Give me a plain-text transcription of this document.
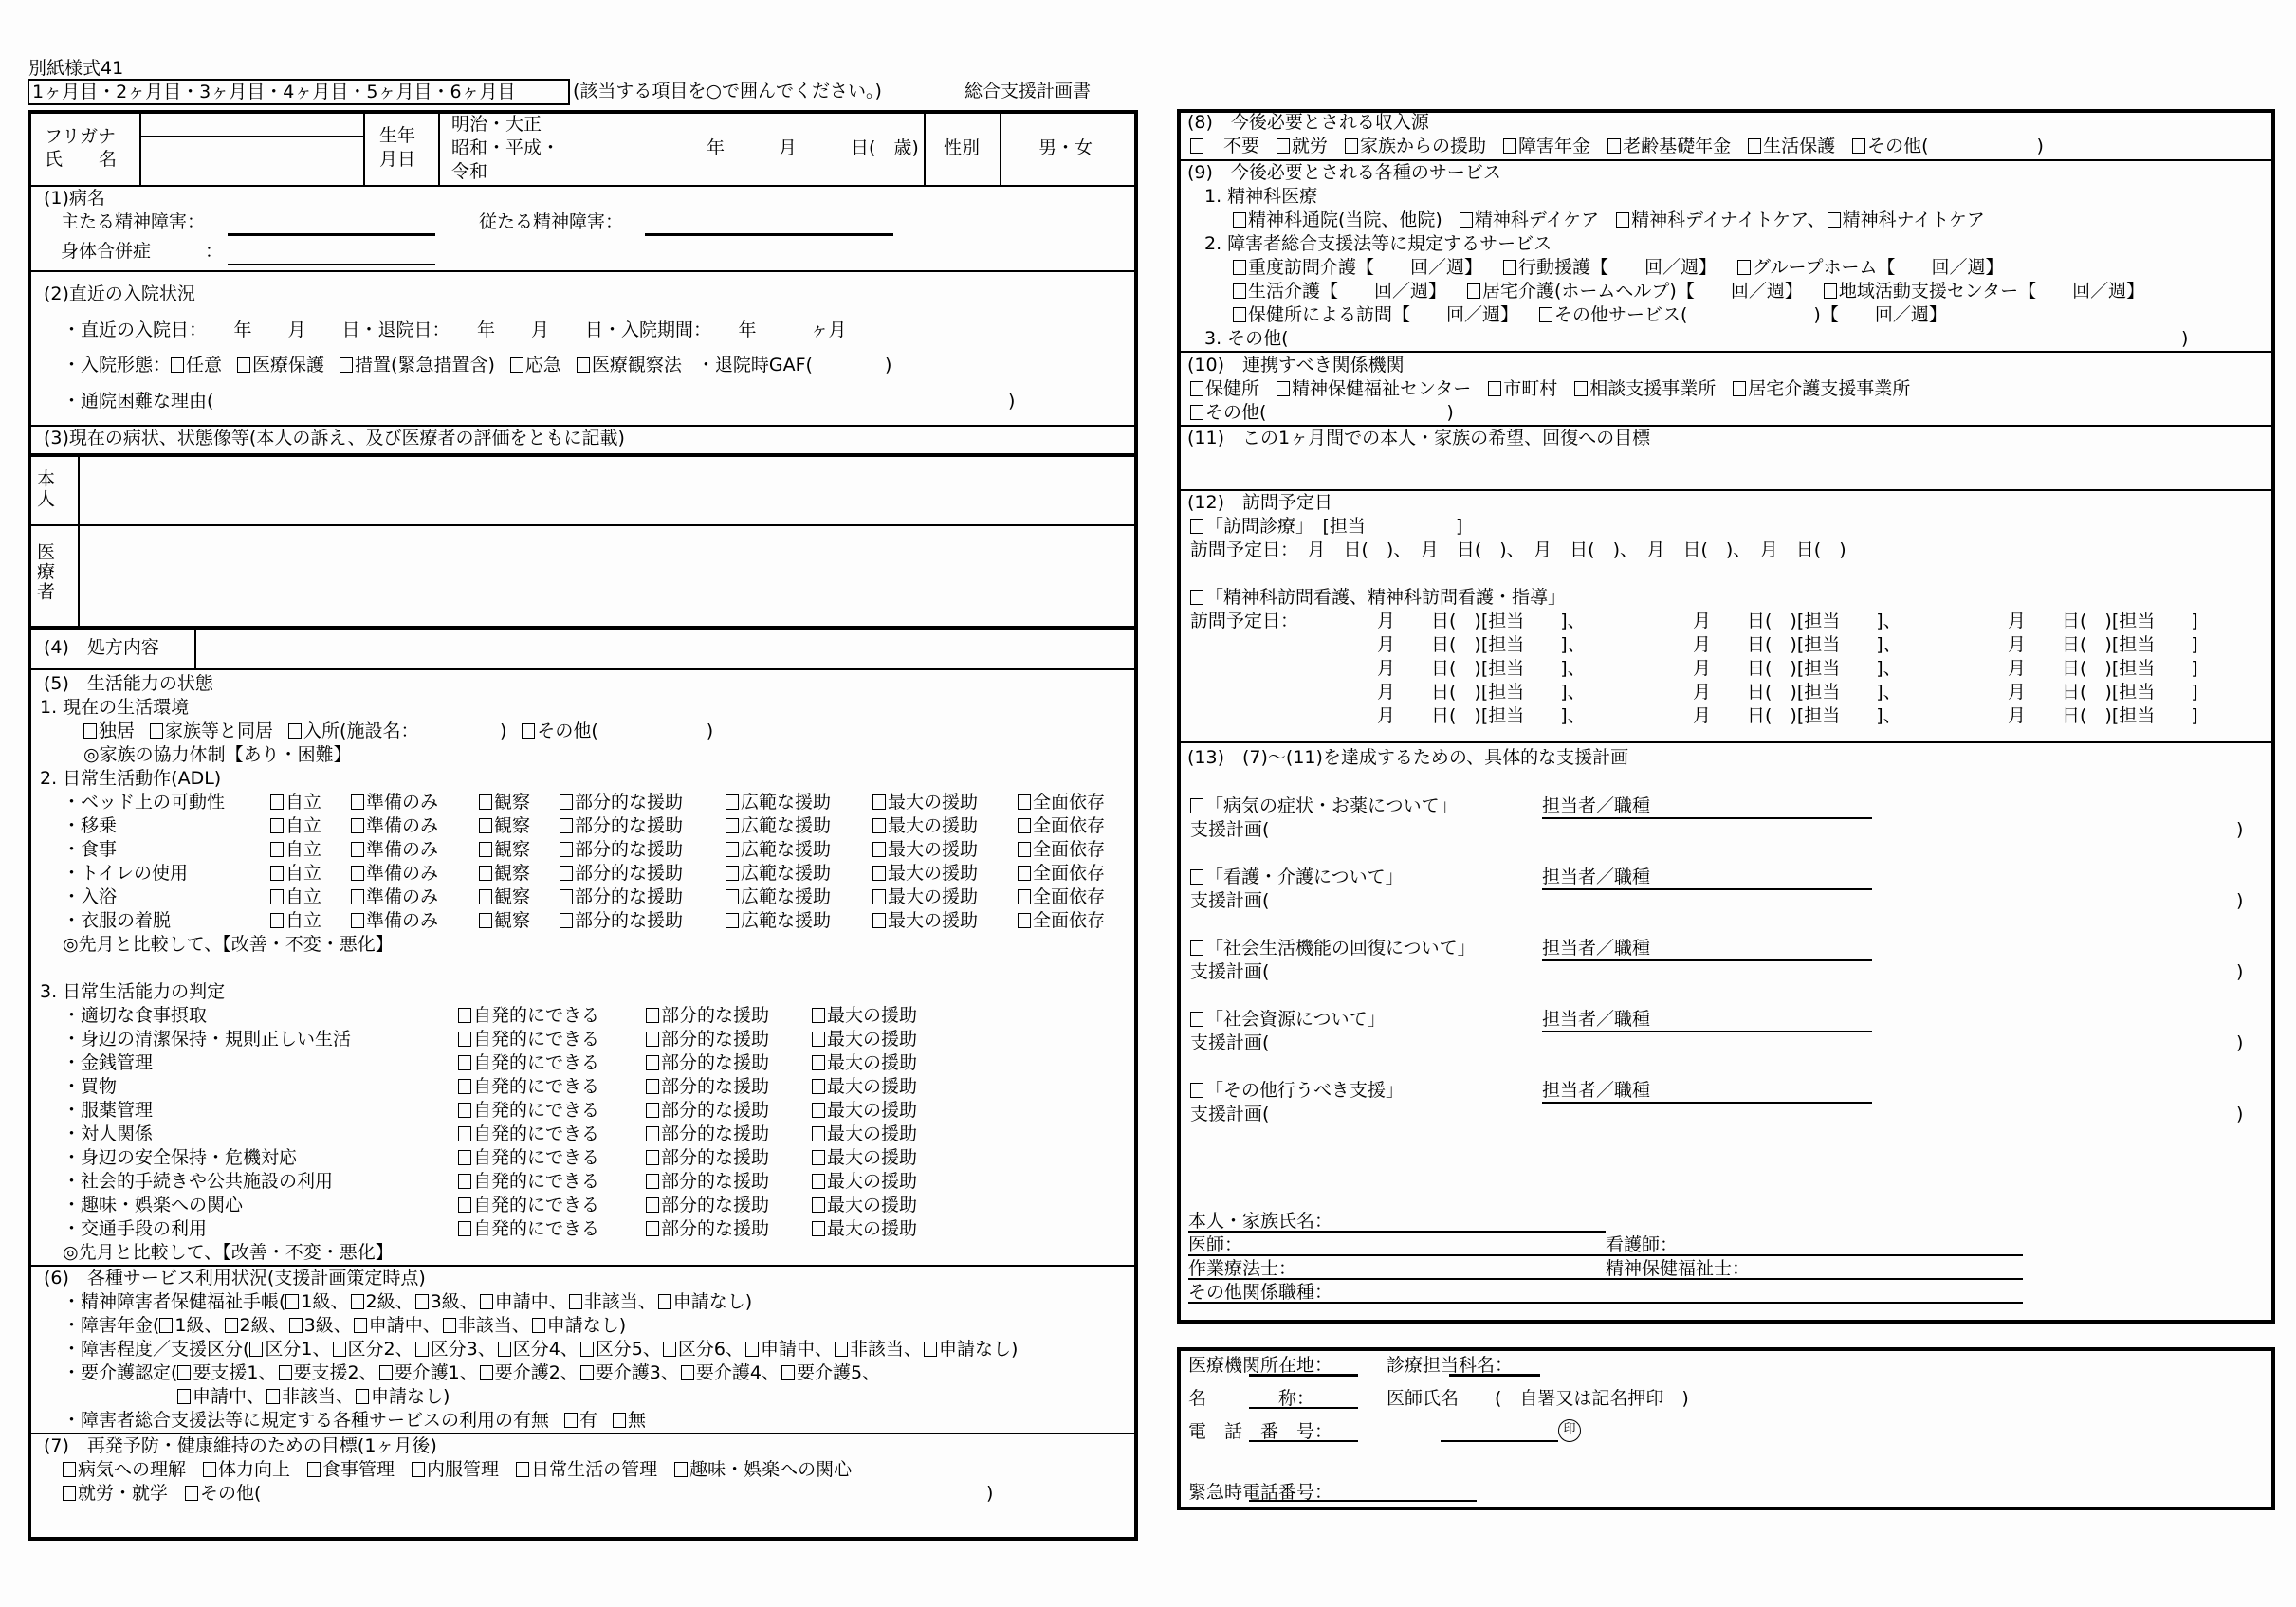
別紙様式41
1ヶ月目・2ヶ月目・3ヶ月目・4ヶ月目・5ヶ月目・6ヶ月目	(該当する項目を○で囲んでください。)	総合支援計画書
フリガナ
氏　　名
生年
月日
明治・大正
昭和・平成・
令和
年　　　月　　　日(　歳) 性別	男・女
(1)病名
主たる精神障害：	従たる精神障害：
身体合併症　　　：
(2)直近の入院状況
・直近の入院日：　　年　　月　　日・退院日：　　年　　月　　日・入院期間：　　年　　　ヶ月
・入院形態： 任意 医療保護 措置(緊急措置含) 応急 医療観察法 ・退院時GAF(　　　　)
・通院困難な理由(	)
(3)現在の病状、状態像等(本人の訴え、及び医療者の評価をともに記載)
本人
医療者
(4)　処方内容
(5)　生活能力の状態
1. 現在の生活環境
独居 家族等と同居 入所(施設名：　　　　　) その他(　　　　　　)
◎家族の協力体制【あり・困難】
2. 日常生活動作(ADL)
◎先月と比較して、【改善・不変・悪化】
3. 日常生活能力の判定
◎先月と比較して、【改善・不変・悪化】
(6)　各種サービス利用状況(支援計画策定時点)
・精神障害者保健福祉手帳( 1級、 2級、 3級、 申請中、 非該当、 申請なし)
・障害年金( 1級、 2級、 3級、 申請中、 非該当、 申請なし)
・障害程度／支援区分( 区分1、 区分2、 区分3、 区分4、 区分5、 区分6、 申請中、 非該当、 申請なし)
・要介護認定( 要支援1、 要支援2、 要介護1、 要介護2、 要介護3、 要介護4、 要介護5、
申請中、 非該当、 申請なし)
・障害者総合支援法等に規定する各種サービスの利用の有無 有 無
(7)　再発予防・健康維持のための目標(1ヶ月後)
病気への理解 体力向上 食事管理 内服管理 日常生活の管理 趣味・娯楽への関心
就労・就学 その他(	)
(8)　今後必要とされる収入源
　不要 就労 家族からの援助 障害年金 老齢基礎年金 生活保護 その他(　　　　　　)
(9)　今後必要とされる各種のサービス
1. 精神科医療
精神科通院(当院、他院) 精神科デイケア 精神科デイナイトケア、 精神科ナイトケア
2. 障害者総合支援法等に規定するサービス
重度訪問介護【　　回／週】 行動援護【　　回／週】 グループホーム【　　回／週】
生活介護【　　回／週】 居宅介護(ホームヘルプ)【　　回／週】 地域活動支援センター【　　回／週】
保健所による訪問【　　回／週】 その他サービス(　　　　　　　)【　　回／週】
3. その他(	)
(10)　連携すべき関係機関
保健所 精神保健福祉センター 市町村 相談支援事業所 居宅介護支援事業所
その他(　　　　　　　　　　)
(11)　この1ヶ月間での本人・家族の希望、回復への目標
(12)　訪問予定日
「訪問診療」　[担当　　　　　]
訪問予定日：　月　日(　)、　月　日(　)、　月　日(　)、　月　日(　)、　月　日(　)
「精神科訪問看護、精神科訪問看護・指導」
訪問予定日：
(13)　(7)～(11)を達成するための、具体的な支援計画
本人・家族氏名：
医師：	看護師：
作業療法士：	精神保健福祉士：
その他関係職種：
医療機関所在地：	診療担当科名：
名　　　　称：	医師氏名　　(　自署又は記名押印　)
電　話　番　号：	印
緊急時電話番号：
・ベッド上の可動性	自立	準備のみ	観察	部分的な援助	広範な援助	最大の援助	全面依存
・移乗	自立	準備のみ	観察	部分的な援助	広範な援助	最大の援助	全面依存
・食事	自立	準備のみ	観察	部分的な援助	広範な援助	最大の援助	全面依存
・トイレの使用	自立	準備のみ	観察	部分的な援助	広範な援助	最大の援助	全面依存
・入浴	自立	準備のみ	観察	部分的な援助	広範な援助	最大の援助	全面依存
・衣服の着脱	自立	準備のみ	観察	部分的な援助	広範な援助	最大の援助	全面依存
・適切な食事摂取	自発的にできる	部分的な援助	最大の援助
・身辺の清潔保持・規則正しい生活	自発的にできる	部分的な援助	最大の援助
・金銭管理	自発的にできる	部分的な援助	最大の援助
・買物	自発的にできる	部分的な援助	最大の援助
・服薬管理	自発的にできる	部分的な援助	最大の援助
・対人関係	自発的にできる	部分的な援助	最大の援助
・身辺の安全保持・危機対応	自発的にできる	部分的な援助	最大の援助
・社会的手続きや公共施設の利用	自発的にできる	部分的な援助	最大の援助
・趣味・娯楽への関心	自発的にできる	部分的な援助	最大の援助
・交通手段の利用	自発的にできる	部分的な援助	最大の援助
月　　日(　)[担当　　]、	月　　日(　)[担当　　]、	月　　日(　)[担当　　]
月　　日(　)[担当　　]、	月　　日(　)[担当　　]、	月　　日(　)[担当　　]
月　　日(　)[担当　　]、	月　　日(　)[担当　　]、	月　　日(　)[担当　　]
月　　日(　)[担当　　]、	月　　日(　)[担当　　]、	月　　日(　)[担当　　]
月　　日(　)[担当　　]、	月　　日(　)[担当　　]、	月　　日(　)[担当　　]
「病気の症状・お薬について」	担当者／職種
支援計画(	)
「看護・介護について」	担当者／職種
支援計画(	)
「社会生活機能の回復について」	担当者／職種
支援計画(	)
「社会資源について」	担当者／職種
支援計画(	)
「その他行うべき支援」	担当者／職種
支援計画(	)
